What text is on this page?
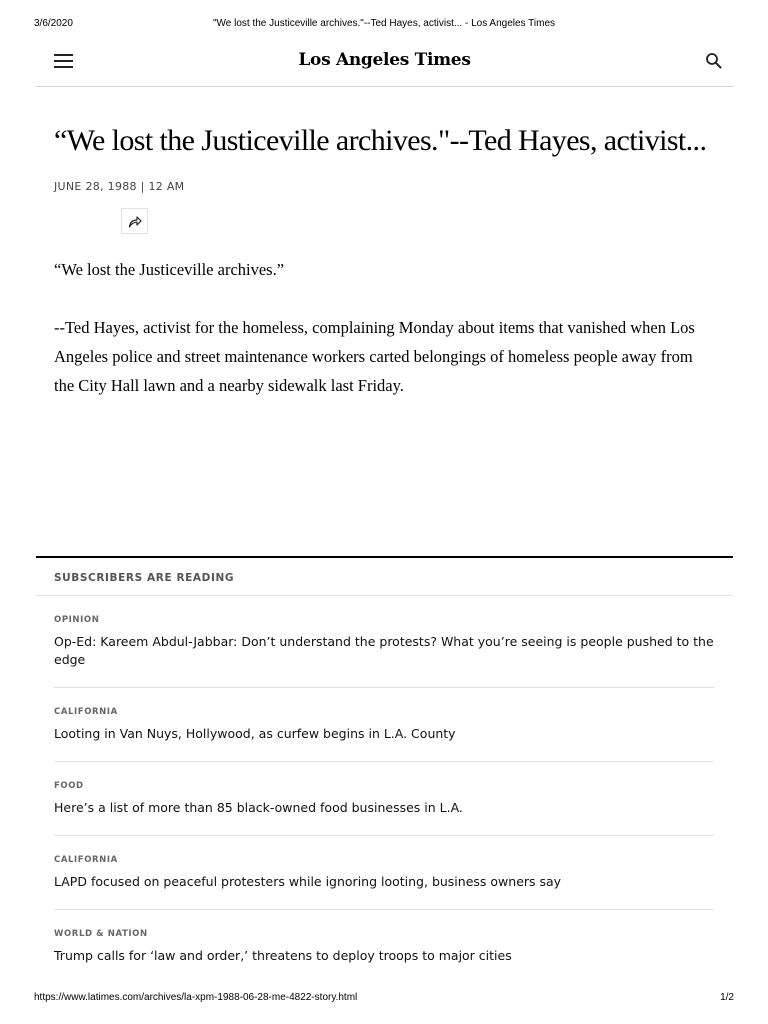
3/6/2020	"We lost the Justiceville archives."--Ted Hayes, activist... - Los Angeles Times
Los Angeles Times
“We lost the Justiceville archives."--Ted Hayes, activist...
JUNE 28, 1988 | 12 AM

“We lost the Justiceville archives.”

--Ted Hayes, activist for the homeless, complaining Monday about items that vanished when Los Angeles police and street maintenance workers carted belongings of homeless people away from the City Hall lawn and a nearby sidewalk last Friday.

SUBSCRIBERS ARE READING
OPINION
Op-Ed: Kareem Abdul-Jabbar: Don’t understand the protests? What you’re seeing is people pushed to the edge
CALIFORNIA
Looting in Van Nuys, Hollywood, as curfew begins in L.A. County
FOOD
Here’s a list of more than 85 black-owned food businesses in L.A.
CALIFORNIA
LAPD focused on peaceful protesters while ignoring looting, business owners say
WORLD & NATION
Trump calls for ‘law and order,’ threatens to deploy troops to major cities
https://www.latimes.com/archives/la-xpm-1988-06-28-me-4822-story.html	1/2
